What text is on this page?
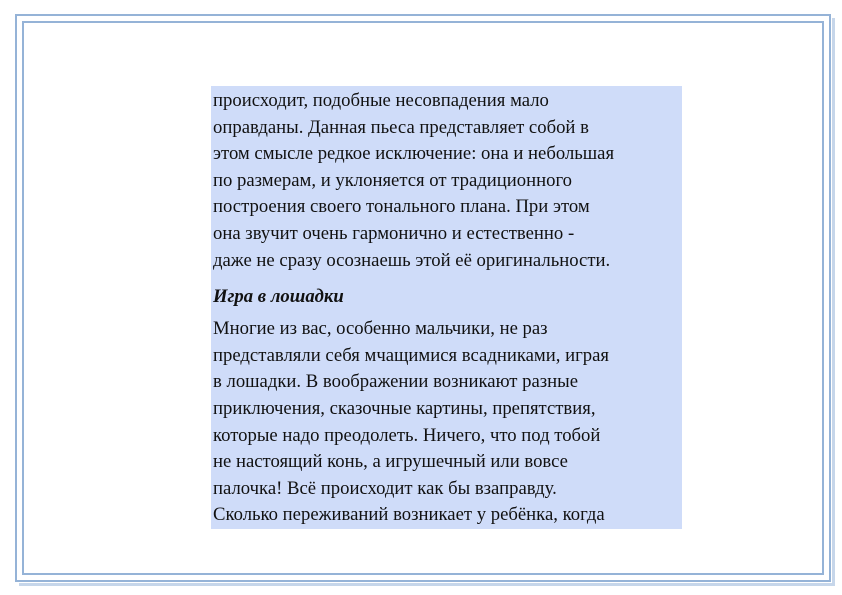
происходит, подобные несовпадения мало
оправданы. Данная пьеса представляет собой в
этом смысле редкое исключение: она и небольшая
по размерам, и уклоняется от традиционного
построения своего тонального плана. При этом
она звучит очень гармонично и естественно -
даже не сразу осознаешь этой её оригинальности.

Игра в лошадки

Многие из вас, особенно мальчики, не раз
представляли себя мчащимися всадниками, играя
в лошадки. В воображении возникают разные
приключения, сказочные картины, препятствия,
которые надо преодолеть. Ничего, что под тобой
не настоящий конь, а игрушечный или вовсе
палочка! Всё происходит как бы взаправду.
Сколько переживаний возникает у ребёнка, когда
